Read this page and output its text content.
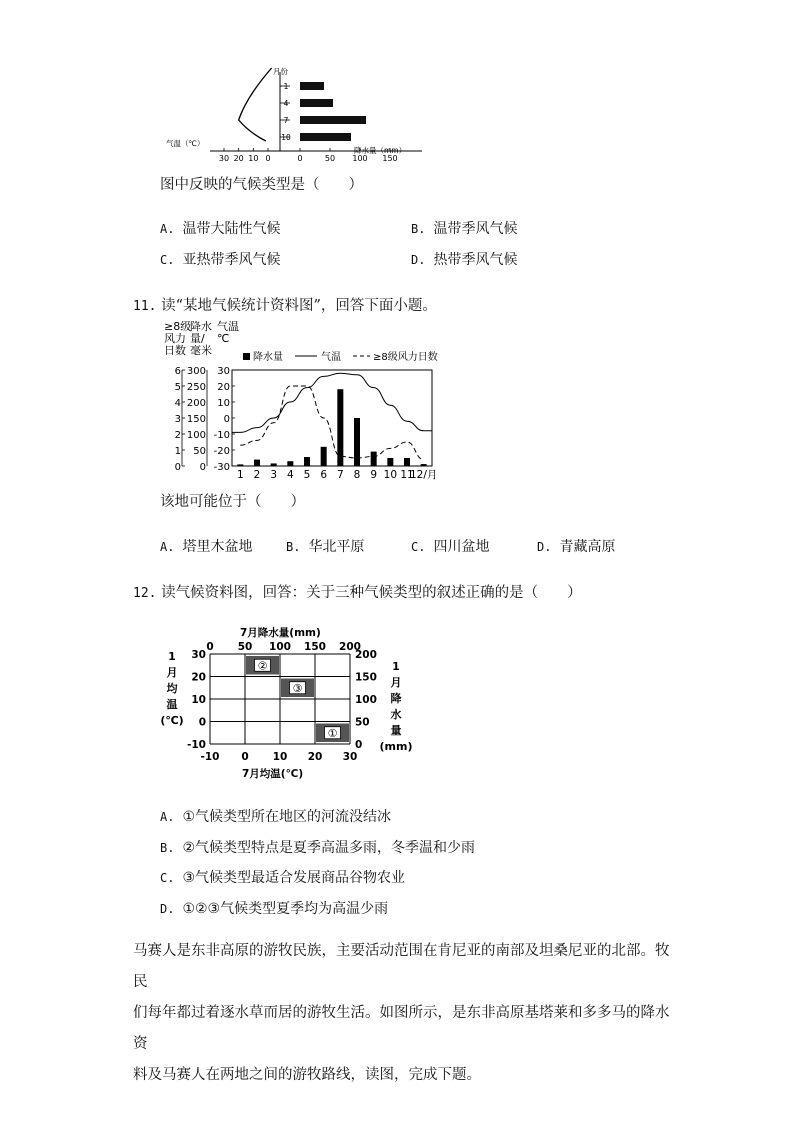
月份
气温（℃）
降水量（mm）
1
4
7
10
0	50 100 150
30 20 10 0
图中反映的气候类型是（　　）
A. 温带大陆性气候	B. 温带季风气候
C. 亚热带季风气候	D. 热带季风气候
11. 读“某地气候统计资料图”，回答下面小题。
≥8级
风力
日数
降水
量/
毫米
气温
℃
降水量	气温	≥8级风力日数
6 300 30
5 250 20
4 200 10
3 150 0
2 100 -10
1 50 -20
0 0 -30
1 2 3 4 5 6 7 8 9 10 11
12/月
该地可能位于（　　）
A. 塔里木盆地	B. 华北平原	C. 四川盆地	D. 青藏高原
12. 读气候资料图，回答：关于三种气候类型的叙述正确的是（　　）
7月降水量(mm)
7月均温(℃)
1
月
均
温
(℃)
1
月
降
水
量
(mm)
0 50 100 150 200
-10 0 10 20 30
30
20
10
0
-10
200
150
100
50
0
①
②
③
A. ①气候类型所在地区的河流没结冰
B. ②气候类型特点是夏季高温多雨，冬季温和少雨
C. ③气候类型最适合发展商品谷物农业
D. ①②③气候类型夏季均为高温少雨
马赛人是东非高原的游牧民族，主要活动范围在肯尼亚的南部及坦桑尼亚的北部。牧民
们每年都过着逐水草而居的游牧生活。如图所示，是东非高原基塔莱和多多马的降水资
料及马赛人在两地之间的游牧路线，读图，完成下题。
